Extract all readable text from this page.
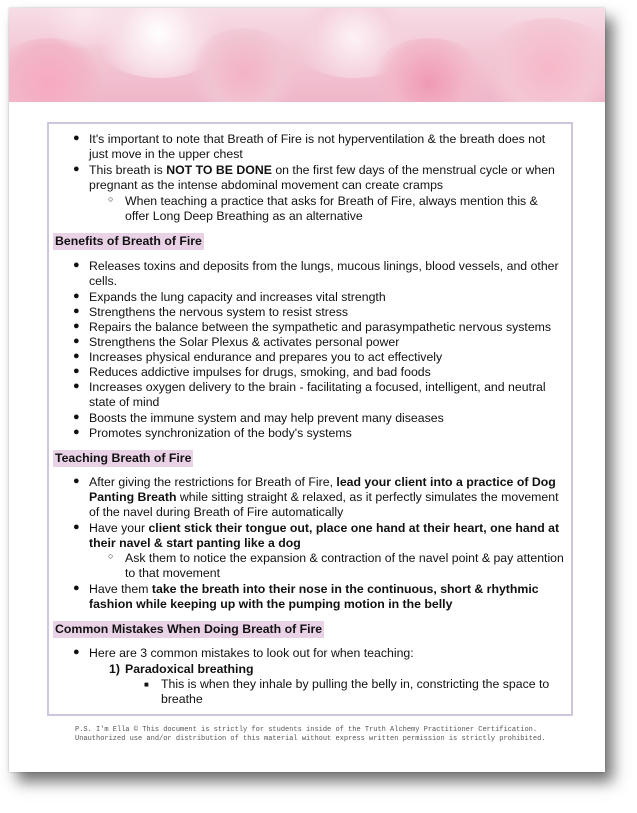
● It's important to note that Breath of Fire is not hyperventilation & the breath does not just move in the upper chest
● This breath is NOT TO BE DONE on the first few days of the menstrual cycle or when pregnant as the intense abdominal movement can create cramps
○ When teaching a practice that asks for Breath of Fire, always mention this & offer Long Deep Breathing as an alternative
Benefits of Breath of Fire
● Releases toxins and deposits from the lungs, mucous linings, blood vessels, and other cells.
● Expands the lung capacity and increases vital strength
● Strengthens the nervous system to resist stress
● Repairs the balance between the sympathetic and parasympathetic nervous systems
● Strengthens the Solar Plexus & activates personal power
● Increases physical endurance and prepares you to act effectively
● Reduces addictive impulses for drugs, smoking, and bad foods
● Increases oxygen delivery to the brain - facilitating a focused, intelligent, and neutral state of mind
● Boosts the immune system and may help prevent many diseases
● Promotes synchronization of the body's systems
Teaching Breath of Fire
● After giving the restrictions for Breath of Fire, lead your client into a practice of Dog Panting Breath while sitting straight & relaxed, as it perfectly simulates the movement of the navel during Breath of Fire automatically
● Have your client stick their tongue out, place one hand at their heart, one hand at their navel & start panting like a dog
○ Ask them to notice the expansion & contraction of the navel point & pay attention to that movement
● Have them take the breath into their nose in the continuous, short & rhythmic fashion while keeping up with the pumping motion in the belly
Common Mistakes When Doing Breath of Fire
● Here are 3 common mistakes to look out for when teaching:
1) Paradoxical breathing
■ This is when they inhale by pulling the belly in, constricting the space to breathe
P.S. I'm Ella © This document is strictly for students inside of the Truth Alchemy Practitioner Certification. Unauthorized use and/or distribution of this material without express written permission is strictly prohibited.
